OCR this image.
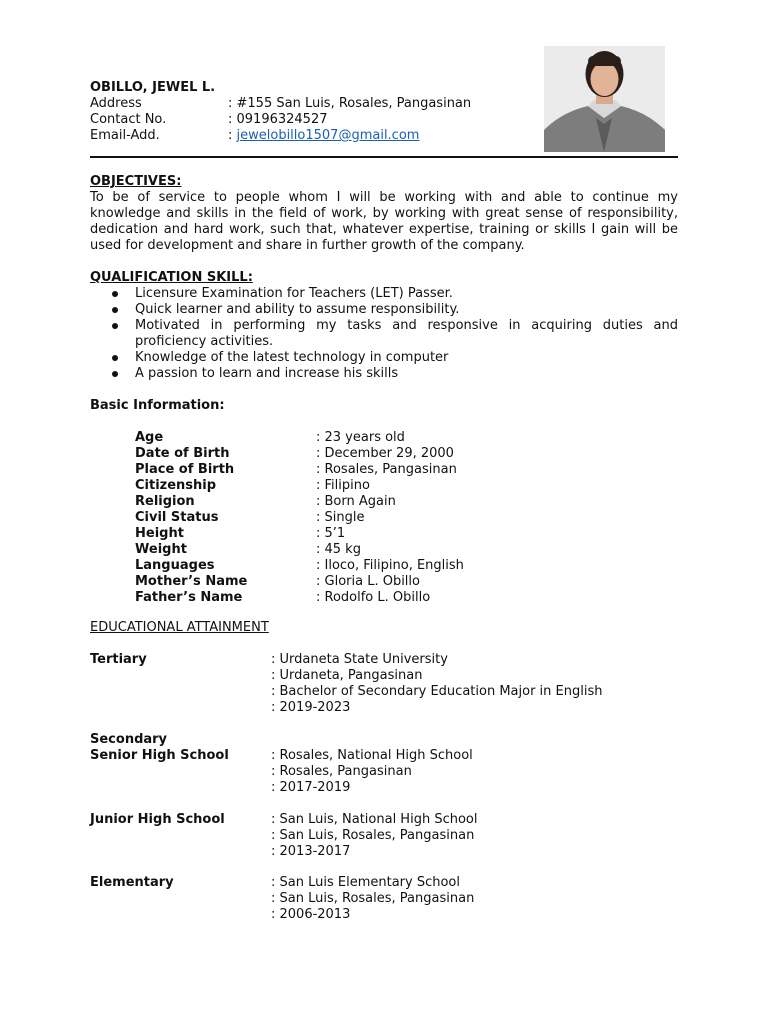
OBILLO, JEWEL L.
Address	: #155 San Luis, Rosales, Pangasinan
Contact No.	: 09196324527
Email-Add.	: jewelobillo1507@gmail.com
OBJECTIVES:
To be of service to people whom I will be working with and able to continue my knowledge and skills in the field of work, by working with great sense of responsibility, dedication and hard work, such that, whatever expertise, training or skills I gain will be used for development and share in further growth of the company.
QUALIFICATION SKILL:
Licensure Examination for Teachers (LET) Passer.
Quick learner and ability to assume responsibility.
Motivated in performing my tasks and responsive in acquiring duties and proficiency activities.
Knowledge of the latest technology in computer
A passion to learn and increase his skills
Basic Information:
Age	: 23 years old
Date of Birth	: December 29, 2000
Place of Birth	: Rosales, Pangasinan
Citizenship	: Filipino
Religion	: Born Again
Civil Status	: Single
Height	: 5’1
Weight	: 45 kg
Languages	: Iloco, Filipino, English
Mother’s Name	: Gloria L. Obillo
Father’s Name	: Rodolfo L. Obillo
EDUCATIONAL ATTAINMENT
Tertiary	: Urdaneta State University
: Urdaneta, Pangasinan
: Bachelor of Secondary Education Major in English
: 2019-2023
Secondary
Senior High School	: Rosales, National High School
: Rosales, Pangasinan
: 2017-2019
Junior High School	: San Luis, National High School
: San Luis, Rosales, Pangasinan
: 2013-2017
Elementary	: San Luis Elementary School
: San Luis, Rosales, Pangasinan
: 2006-2013
